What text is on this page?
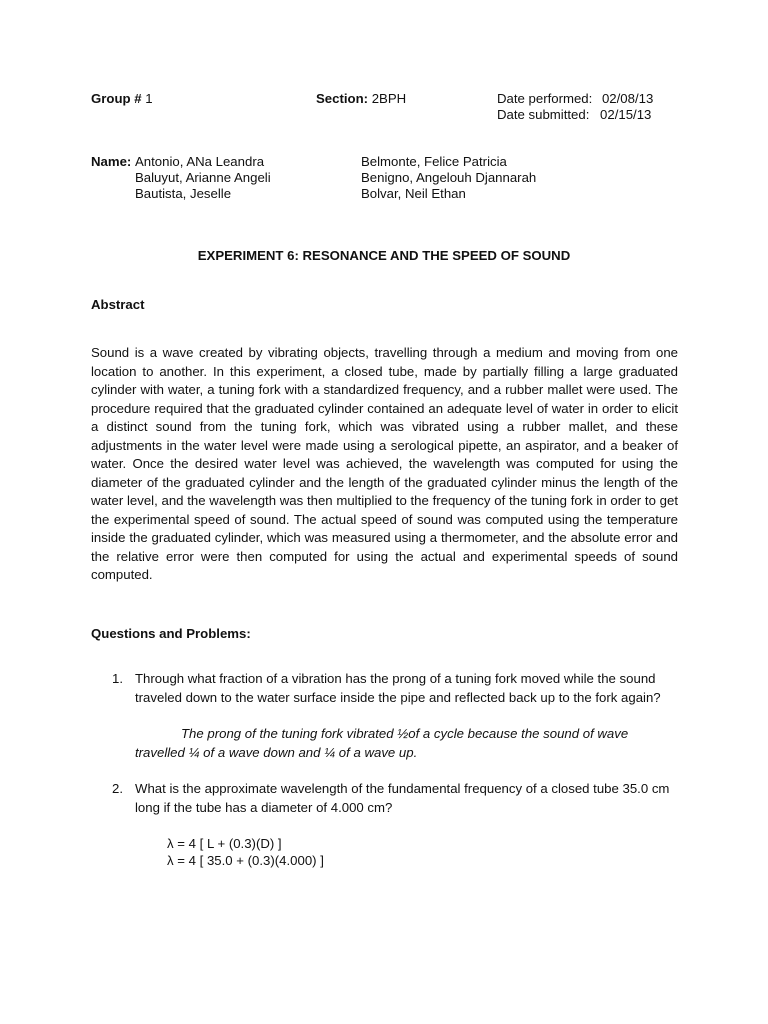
Group # 1	Section: 2BPH	Date performed: 02/08/13
Date submitted: 02/15/13
Name: Antonio, ANa Leandra
Baluyut, Arianne Angeli
Bautista, Jeselle
Belmonte, Felice Patricia
Benigno, Angelouh Djannarah
Bolvar, Neil Ethan
EXPERIMENT 6: RESONANCE AND THE SPEED OF SOUND
Abstract
Sound is a wave created by vibrating objects, travelling through a medium and moving from one location to another. In this experiment, a closed tube, made by partially filling a large graduated cylinder with water, a tuning fork with a standardized frequency, and a rubber mallet were used. The procedure required that the graduated cylinder contained an adequate level of water in order to elicit a distinct sound from the tuning fork, which was vibrated using a rubber mallet, and these adjustments in the water level were made using a serological pipette, an aspirator, and a beaker of water. Once the desired water level was achieved, the wavelength was computed for using the diameter of the graduated cylinder and the length of the graduated cylinder minus the length of the water level, and the wavelength was then multiplied to the frequency of the tuning fork in order to get the experimental speed of sound. The actual speed of sound was computed using the temperature inside the graduated cylinder, which was measured using a thermometer, and the absolute error and the relative error were then computed for using the actual and experimental speeds of sound computed.
Questions and Problems:
1. Through what fraction of a vibration has the prong of a tuning fork moved while the sound traveled down to the water surface inside the pipe and reflected back up to the fork again?
The prong of the tuning fork vibrated ½of a cycle because the sound of wave travelled ¼ of a wave down and ¼ of a wave up.
2. What is the approximate wavelength of the fundamental frequency of a closed tube 35.0 cm long if the tube has a diameter of 4.000 cm?
λ = 4 [ L + (0.3)(D) ]
λ = 4 [ 35.0 + (0.3)(4.000) ]
